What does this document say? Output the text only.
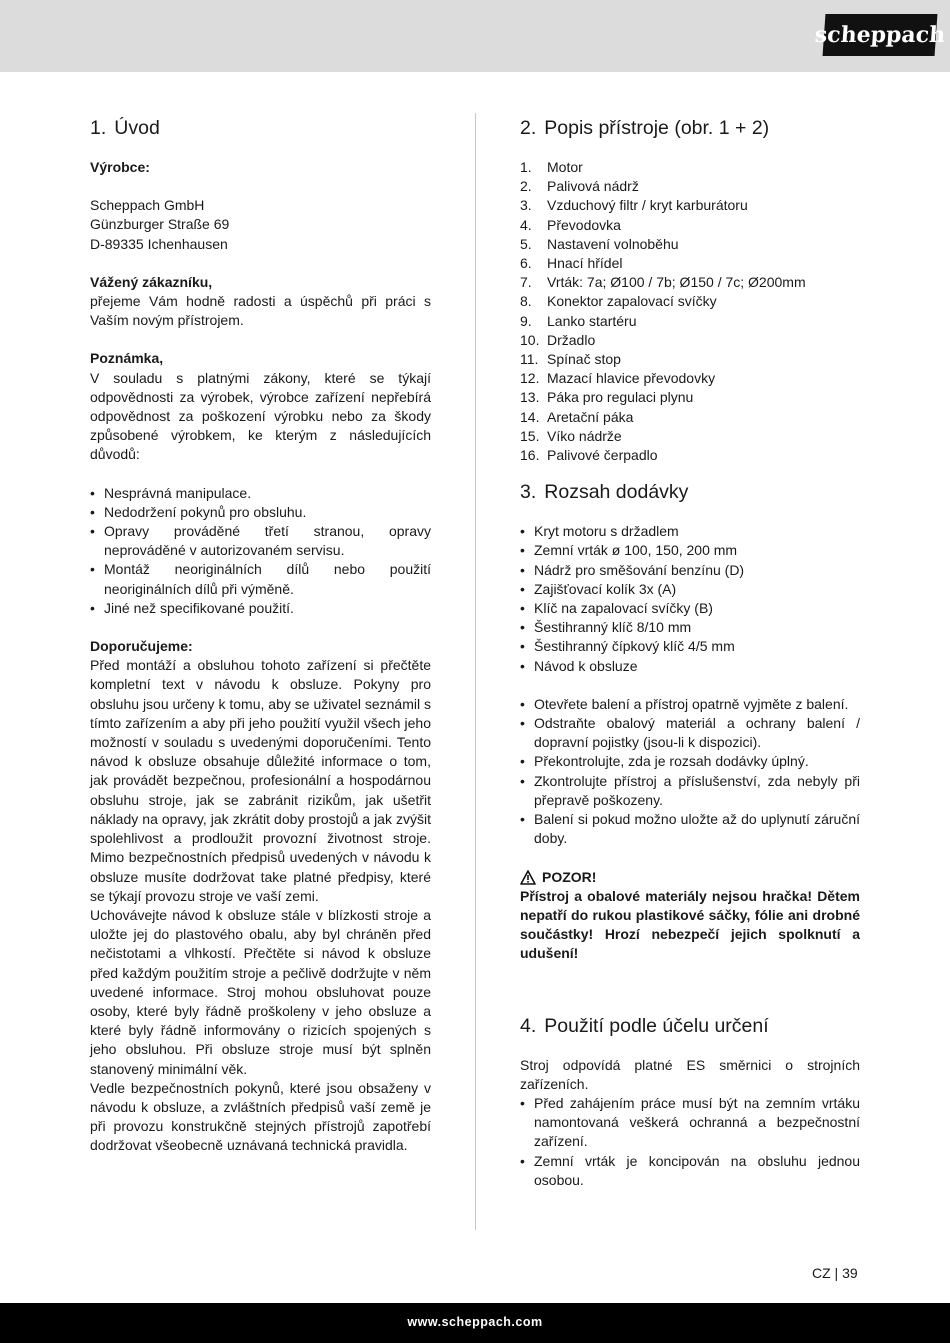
scheppach
1. Úvod

Výrobce:

Scheppach GmbH

Günzburger Straße 69

D-89335 Ichenhausen

Vážený zákazníku,

přejeme Vám hodně radosti a úspěchů při práci s Vaším novým přístrojem.

Poznámka,

V souladu s platnými zákony, které se týkají odpovědnosti za výrobek, výrobce zařízení nepřebírá odpovědnost za poškození výrobku nebo za škody způsobené výrobkem, ke kterým z následujících důvodů:

• Nesprávná manipulace.
• Nedodržení pokynů pro obsluhu.
• Opravy prováděné třetí stranou, opravy neprováděné v autorizovaném servisu.
• Montáž neoriginálních dílů nebo použití neoriginálních dílů při výměně.
• Jiné než specifikované použití.

Doporučujeme:

Před montáží a obsluhou tohoto zařízení si přečtěte kompletní text v návodu k obsluze. Pokyny pro obsluhu jsou určeny k tomu, aby se uživatel seznámil s tímto zařízením a aby při jeho použití využil všech jeho možností v souladu s uvedenými doporučeními. Tento návod k obsluze obsahuje důležité informace o tom, jak provádět bezpečnou, profesionální a hospodárnou obsluhu stroje, jak se zabránit rizikům, jak ušetřit náklady na opravy, jak zkrátit doby prostojů a jak zvýšit spolehlivost a prodloužit provozní životnost stroje. Mimo bezpečnostních předpisů uvedených v návodu k obsluze musíte dodržovat take platné předpisy, které se týkají provozu stroje ve vaší zemi.

Uchovávejte návod k obsluze stále v blízkosti stroje a uložte jej do plastového obalu, aby byl chráněn před nečistotami a vlhkostí. Přečtěte si návod k obsluze před každým použitím stroje a pečlivě dodržujte v něm uvedené informace. Stroj mohou obsluhovat pouze osoby, které byly řádně proškoleny v jeho obsluze a které byly řádně informovány o rizicích spojených s jeho obsluhou. Při obsluze stroje musí být splněn stanovený minimální věk.

Vedle bezpečnostních pokynů, které jsou obsaženy v návodu k obsluze, a zvláštních předpisů vaší země je při provozu konstrukčně stejných přístrojů zapotřebí dodržovat všeobecně uznávaná technická pravidla.

2. Popis přístroje (obr. 1 + 2)
1.	Motor
2.	Palivová nádrž
3.	Vzduchový filtr / kryt karburátoru
4.	Převodovka
5.	Nastavení volnoběhu
6.	Hnací hřídel
7.	Vrták: 7a; Ø100 / 7b; Ø150 / 7c; Ø200mm
8.	Konektor zapalovací svíčky
9.	Lanko startéru
10. Držadlo
11. Spínač stop
12. Mazací hlavice převodovky
13. Páka pro regulaci plynu
14. Aretační páka
15. Víko nádrže
16. Palivové čerpadlo
3. Rozsah dodávky
• Kryt motoru s držadlem
• Zemní vrták ø 100, 150, 200 mm
• Nádrž pro směšování benzínu (D)
• Zajišťovací kolík 3x (A)
• Klíč na zapalovací svíčky (B)
• Šestihranný klíč 8/10 mm
• Šestihranný čípkový klíč 4/5 mm
• Návod k obsluze
• Otevřete balení a přístroj opatrně vyjměte z balení.
• Odstraňte obalový materiál a ochrany balení / dopravní pojistky (jsou-li k dispozici).
• Překontrolujte, zda je rozsah dodávky úplný.
• Zkontrolujte přístroj a příslušenství, zda nebyly při přepravě poškozeny.
• Balení si pokud možno uložte až do uplynutí záruční doby.
POZOR!

Přístroj a obalové materiály nejsou hračka! Dětem nepatří do rukou plastikové sáčky, fólie ani drobné součástky! Hrozí nebezpečí jejich spolknutí a udušení!

4. Použití podle účelu určení

Stroj odpovídá platné ES směrnici o strojních zařízeních.

• Před zahájením práce musí být na zemním vrtáku namontovaná veškerá ochranná a bezpečnostní zařízení.
• Zemní vrták je koncipován na obsluhu jednou osobou.
CZ | 39
www.scheppach.com
